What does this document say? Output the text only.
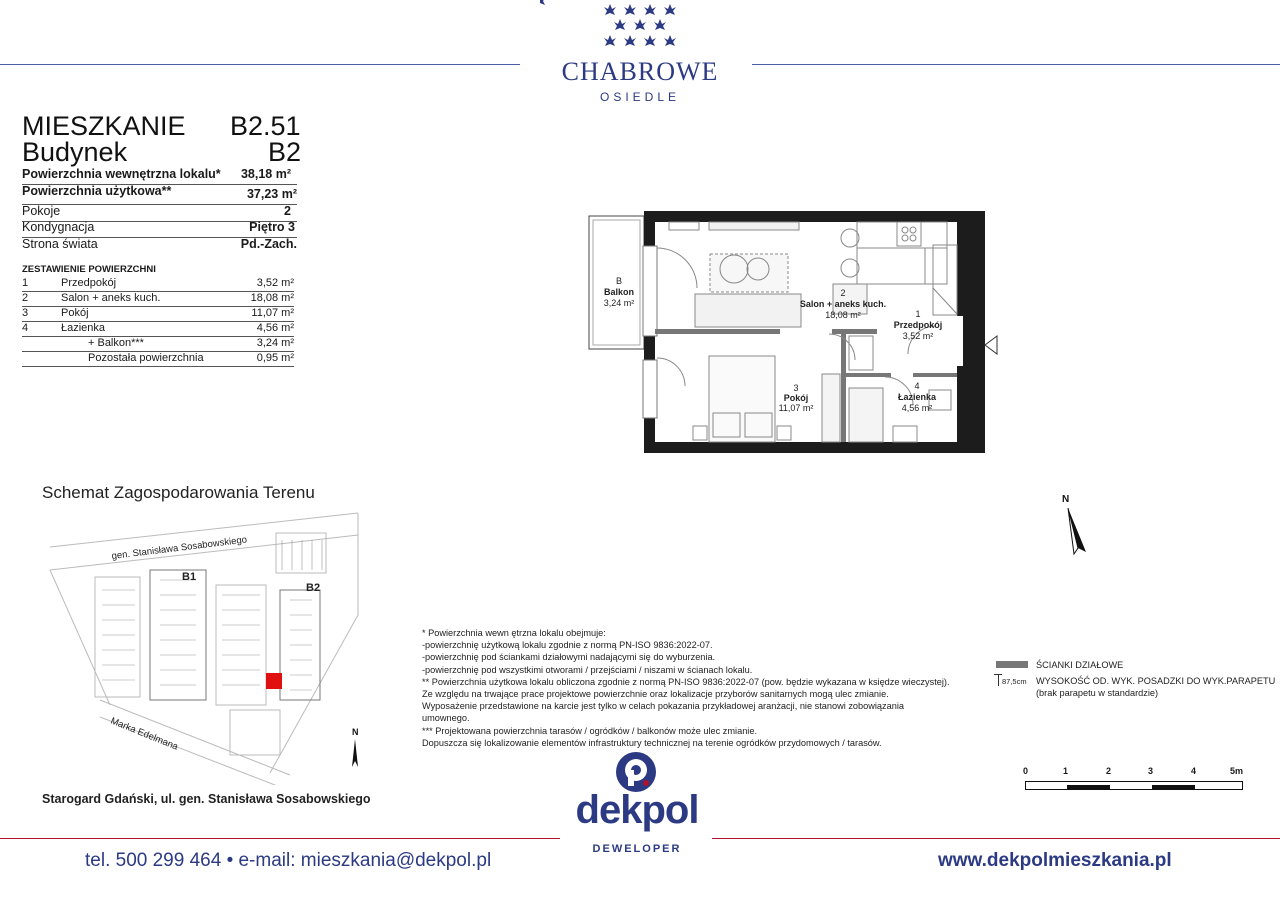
CHABROWE
OSIEDLE
MIESZKANIE B2.51
Budynek	B2
Powierzchnia wewnętrzna lokalu* 38,18 m²
Powierzchnia użytkowa**	37,23 m²
Pokoje	2
Kondygnacja	Piętro 3
Strona świata	Pd.-Zach.
ZESTAWIENIE POWIERZCHNI
1	Przedpokój	3,52 m²
2	Salon + aneks kuch.	18,08 m²
3	Pokój	11,07 m²
4	Łazienka	4,56 m²
+ Balkon***	3,24 m²
Pozostała powierzchnia	0,95 m²
B
Balkon
3,24 m²
2
Salon + aneks kuch.
18,08 m²	1
Przedpokój
3,52 m²
3
Pokój
11,07 m²
4
Łazienka
4,56 m²
N
Schemat Zagospodarowania Terenu
B1
B2
gen. Stanisława Sosabowskiego
Marka Edelmana	N
Starogard Gdański, ul. gen. Stanisława Sosabowskiego
* Powierzchnia wewn ętrzna lokalu obejmuje:
-powierzchnię użytkową lokalu zgodnie z normą PN-ISO 9836:2022-07.
-powierzchnię pod ściankami działowymi nadającymi się do wyburzenia.
-powierzchnię pod wszystkimi otworami / przejściami / niszami w ścianach lokalu.
** Powierzchnia użytkowa lokalu obliczona zgodnie z normą PN-ISO 9836:2022-07 (pow. będzie wykazana w księdze wieczystej).
Ze względu na trwające prace projektowe powierzchnie oraz lokalizacje przyborów sanitarnych mogą ulec zmianie.
Wyposażenie przedstawione na karcie jest tylko w celach pokazania przykładowej aranżacji, nie stanowi zobowiązania
umownego.
*** Projektowana powierzchnia tarasów / ogródków / balkonów może ulec zmianie.
Dopuszcza się lokalizowanie elementów infrastruktury technicznej na terenie ogródków przydomowych / tarasów.
ŚCIANKI DZIAŁOWE
87,5cm WYSOKOŚĆ OD. WYK. POSADZKI DO WYK.PARAPETU
(brak parapetu w standardzie)
0	1	2	3	4	5m
dekpol
DEWELOPER
tel. 500 299 464 • e-mail: mieszkania@dekpol.pl	www.dekpolmieszkania.pl
